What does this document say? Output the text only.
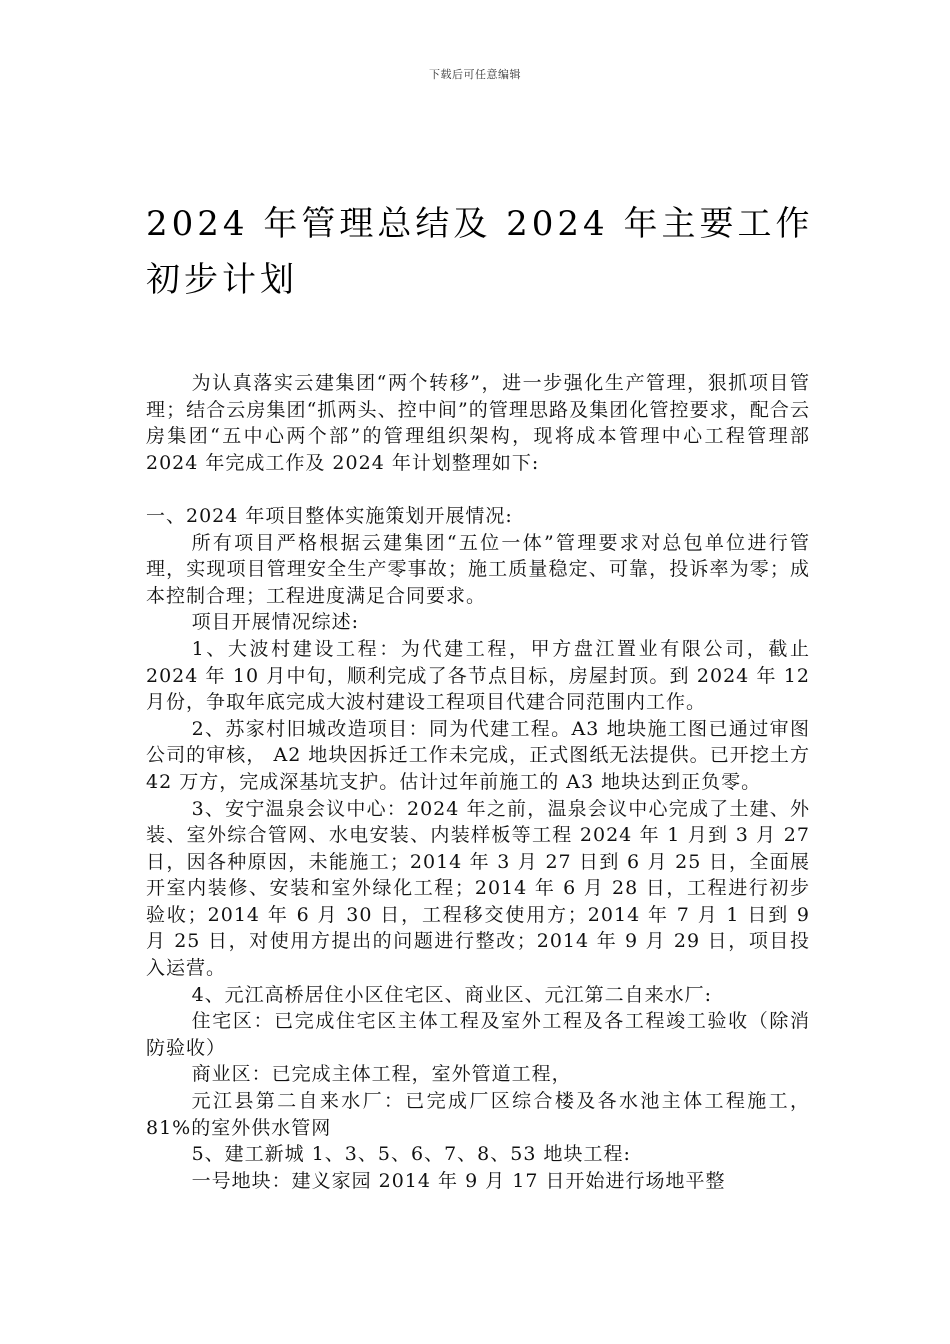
下载后可任意编辑
2024 年管理总结及 2024 年主要工作初步计划

为认真落实云建集团“两个转移”，进一步强化生产管理，狠抓项目管理；结合云房集团“抓两头、控中间”的管理思路及集团化管控要求，配合云房集团“五中心两个部”的管理组织架构，现将成本管理中心工程管理部 2024 年完成工作及 2024 年计划整理如下:

一、2024 年项目整体实施策划开展情况:

所有项目严格根据云建集团“五位一体”管理要求对总包单位进行管理，实现项目管理安全生产零事故；施工质量稳定、可靠，投诉率为零；成本控制合理；工程进度满足合同要求。

项目开展情况综述:

1、大波村建设工程：为代建工程，甲方盘江置业有限公司，截止 2024 年 10 月中旬，顺利完成了各节点目标，房屋封顶。到 2024 年 12 月份，争取年底完成大波村建设工程项目代建合同范围内工作。

2、苏家村旧城改造项目：同为代建工程。A3 地块施工图已通过审图公司的审核， A2 地块因拆迁工作未完成，正式图纸无法提供。已开挖土方 42 万方，完成深基坑支护。估计过年前施工的 A3 地块达到正负零。

3、安宁温泉会议中心：2024 年之前，温泉会议中心完成了土建、外装、室外综合管网、水电安装、内装样板等工程 2024 年 1 月到 3 月 27 日，因各种原因，未能施工；2014 年 3 月 27 日到 6 月 25 日，全面展开室内装修、安装和室外绿化工程；2014 年 6 月 28 日，工程进行初步验收；2014 年 6 月 30 日，工程移交使用方；2014 年 7 月 1 日到 9 月 25 日，对使用方提出的问题进行整改；2014 年 9 月 29 日，项目投入运营。

4、元江高桥居住小区住宅区、商业区、元江第二自来水厂:

住宅区：已完成住宅区主体工程及室外工程及各工程竣工验收（除消防验收）

商业区：已完成主体工程，室外管道工程，

元江县第二自来水厂：已完成厂区综合楼及各水池主体工程施工，81%的室外供水管网

5、建工新城 1、3、5、6、7、8、53 地块工程:

一号地块：建义家园 2014 年 9 月 17 日开始进行场地平整
